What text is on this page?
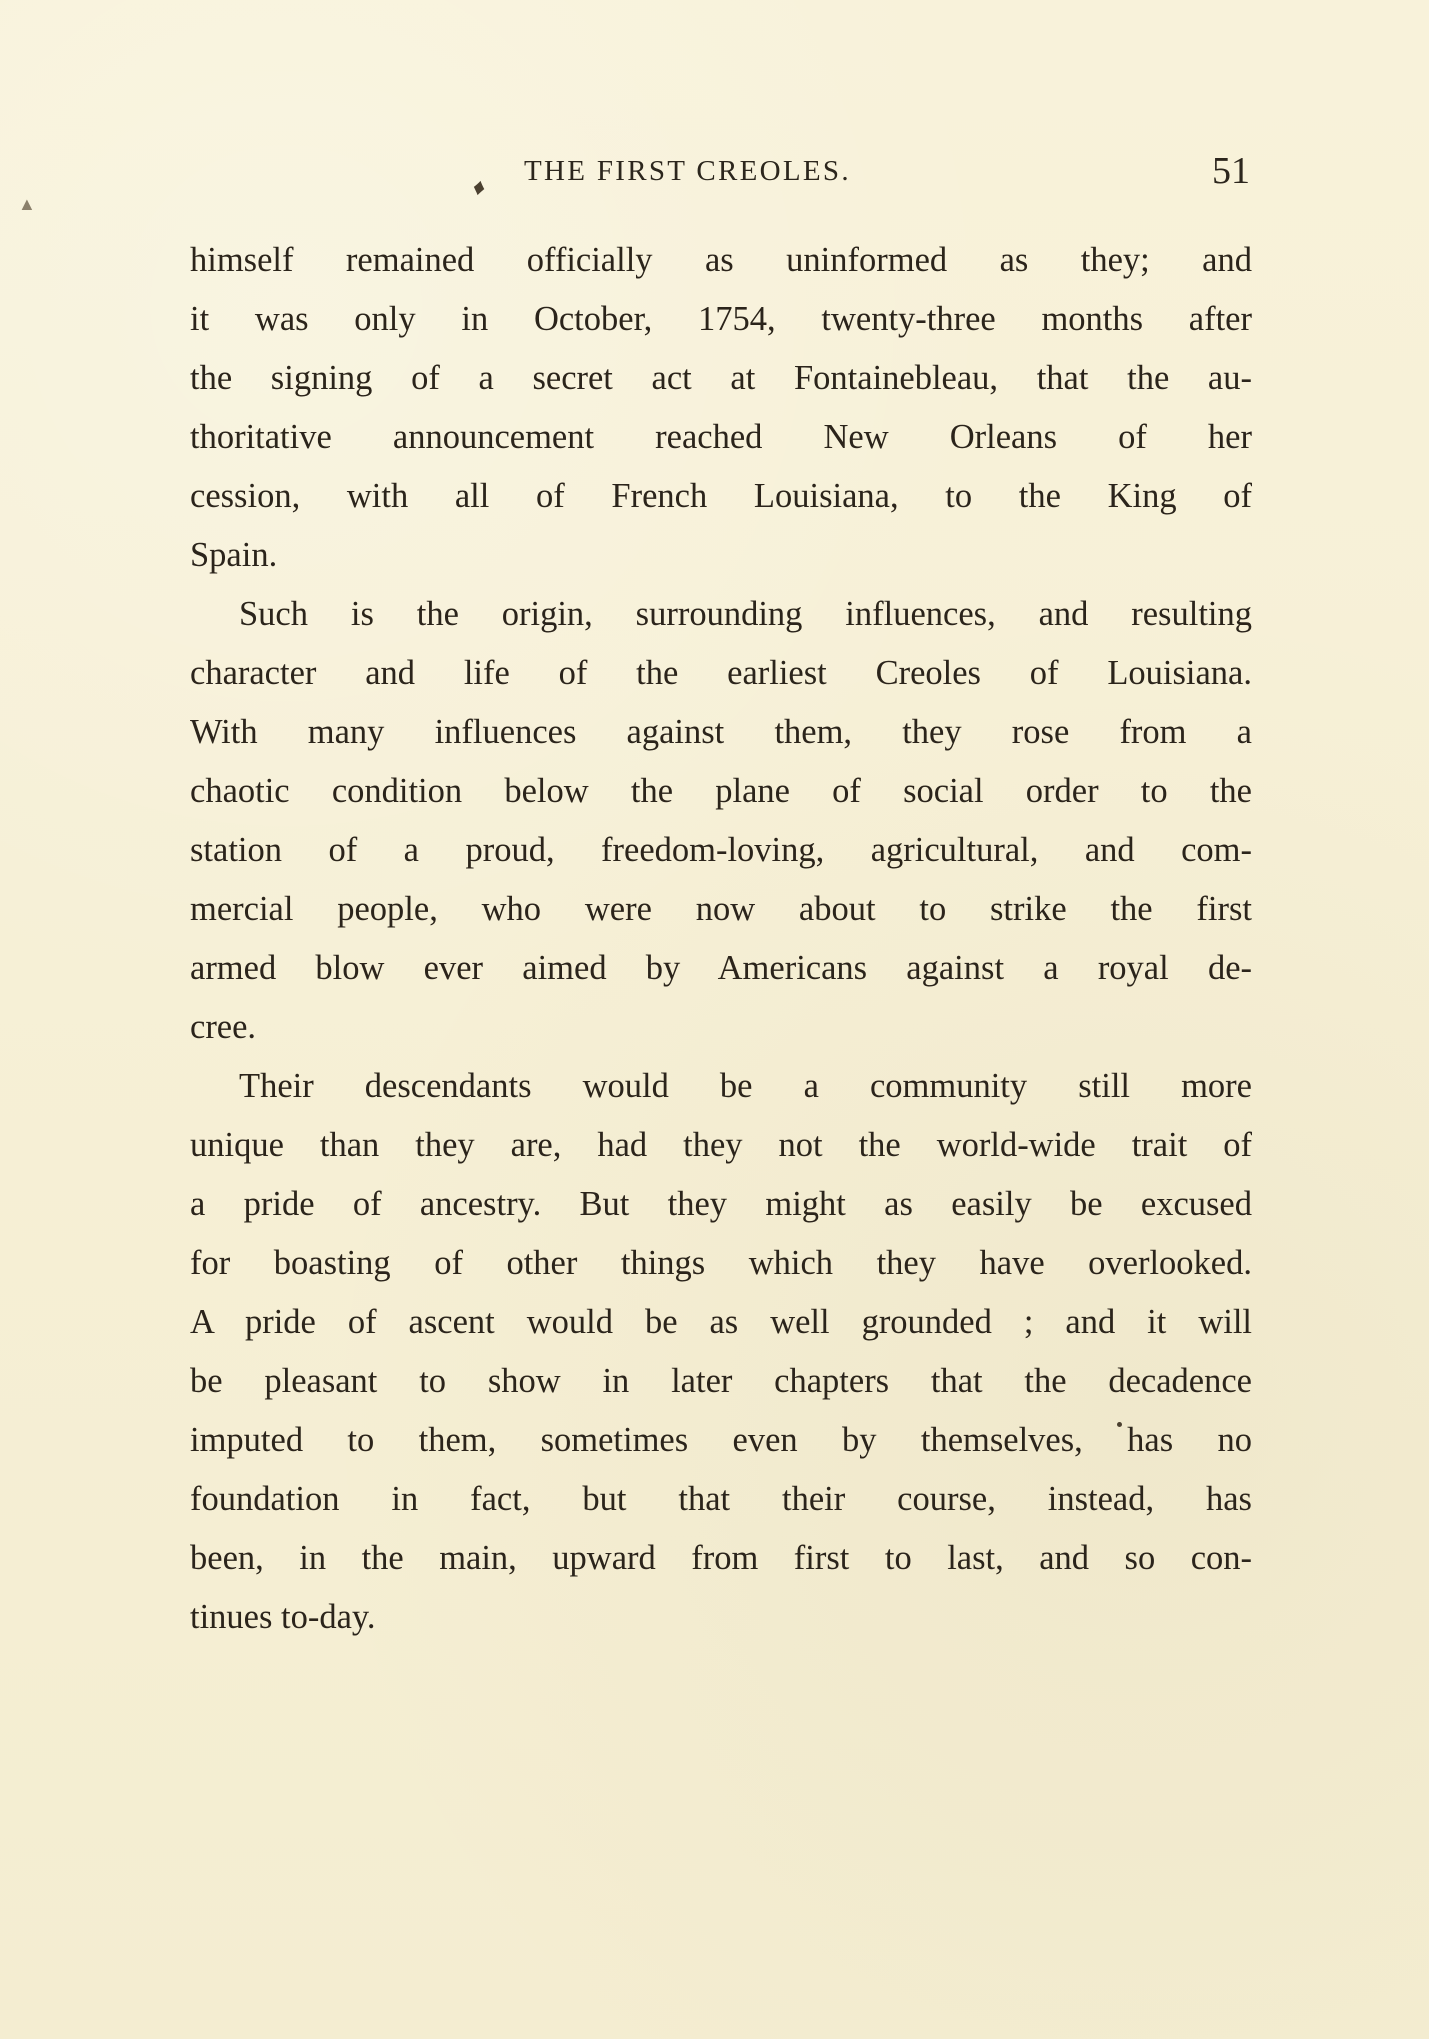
▲
THE FIRST CREOLES.	51
♦
himself remained officially as uninformed as they; and
it was only in October, 1754, twenty-three months after
the signing of a secret act at Fontainebleau, that the au-
thoritative announcement reached New Orleans of her
cession, with all of French Louisiana, to the King of
Spain.
Such is the origin, surrounding influences, and resulting
character and life of the earliest Creoles of Louisiana.
With many influences against them, they rose from a
chaotic condition below the plane of social order to the
station of a proud, freedom-loving, agricultural, and com-
mercial people, who were now about to strike the first
armed blow ever aimed by Americans against a royal de-
cree.
Their descendants would be a community still more
unique than they are, had they not the world-wide trait of
a pride of ancestry. But they might as easily be excused
for boasting of other things which they have overlooked.
A pride of ascent would be as well grounded ; and it will
be pleasant to show in later chapters that the decadence
imputed to them, sometimes even by themselves, has no
foundation in fact, but that their course, instead, has
been, in the main, upward from first to last, and so con-
tinues to-day.
